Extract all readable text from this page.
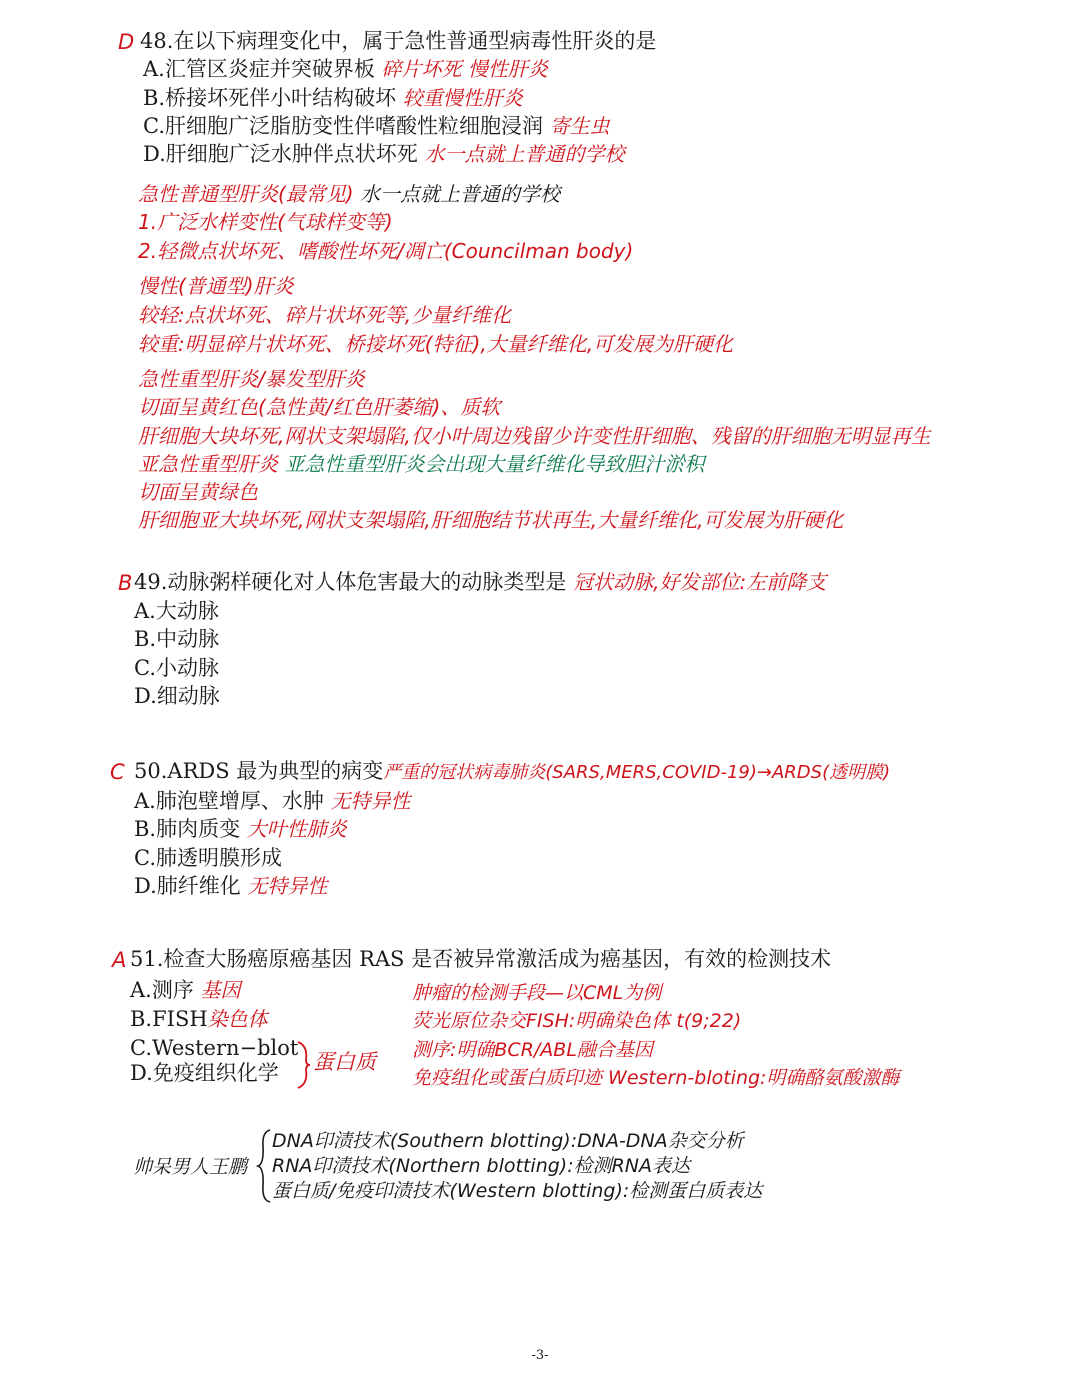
D 48.在以下病理变化中，属于急性普通型病毒性肝炎的是
A.汇管区炎症并突破界板 碎片坏死 慢性肝炎
B.桥接坏死伴小叶结构破坏 较重慢性肝炎
C.肝细胞广泛脂肪变性伴嗜酸性粒细胞浸润 寄生虫
D.肝细胞广泛水肿伴点状坏死 水一点就上普通的学校
急性普通型肝炎(最常见) 水一点就上普通的学校
1.广泛水样变性(气球样变等)
2.轻微点状坏死、嗜酸性坏死/凋亡(Councilman body)
慢性(普通型)肝炎
较轻:点状坏死、碎片状坏死等,少量纤维化
较重:明显碎片状坏死、桥接坏死(特征),大量纤维化,可发展为肝硬化
急性重型肝炎/暴发型肝炎
切面呈黄红色(急性黄/红色肝萎缩)、质软
肝细胞大块坏死,网状支架塌陷,仅小叶周边残留少许变性肝细胞、残留的肝细胞无明显再生
亚急性重型肝炎 亚急性重型肝炎会出现大量纤维化导致胆汁淤积
切面呈黄绿色
肝细胞亚大块坏死,网状支架塌陷,肝细胞结节状再生,大量纤维化,可发展为肝硬化
B 49.动脉粥样硬化对人体危害最大的动脉类型是 冠状动脉,好发部位:左前降支
A.大动脉
B.中动脉
C.小动脉
D.细动脉
C 50.ARDS 最为典型的病变严重的冠状病毒肺炎(SARS,MERS,COVID-19)→ARDS(透明膜)
A.肺泡壁增厚、水肿 无特异性
B.肺肉质变 大叶性肺炎
C.肺透明膜形成
D.肺纤维化 无特异性
A 51.检查大肠癌原癌基因 RAS 是否被异常激活成为癌基因，有效的检测技术
A.测序 基因
B.FISH染色体
C.Western−blot
D.免疫组织化学 蛋白质
肿瘤的检测手段—以CML为例
荧光原位杂交FISH:明确染色体 t(9;22)
测序:明确BCR/ABL融合基因
免疫组化或蛋白质印迹 Western-bloting:明确酪氨酸激酶
帅呆男人王鹏
DNA印渍技术(Southern blotting):DNA-DNA杂交分析
RNA印渍技术(Northern blotting):检测RNA表达
蛋白质/免疫印渍技术(Western blotting):检测蛋白质表达
-3-
